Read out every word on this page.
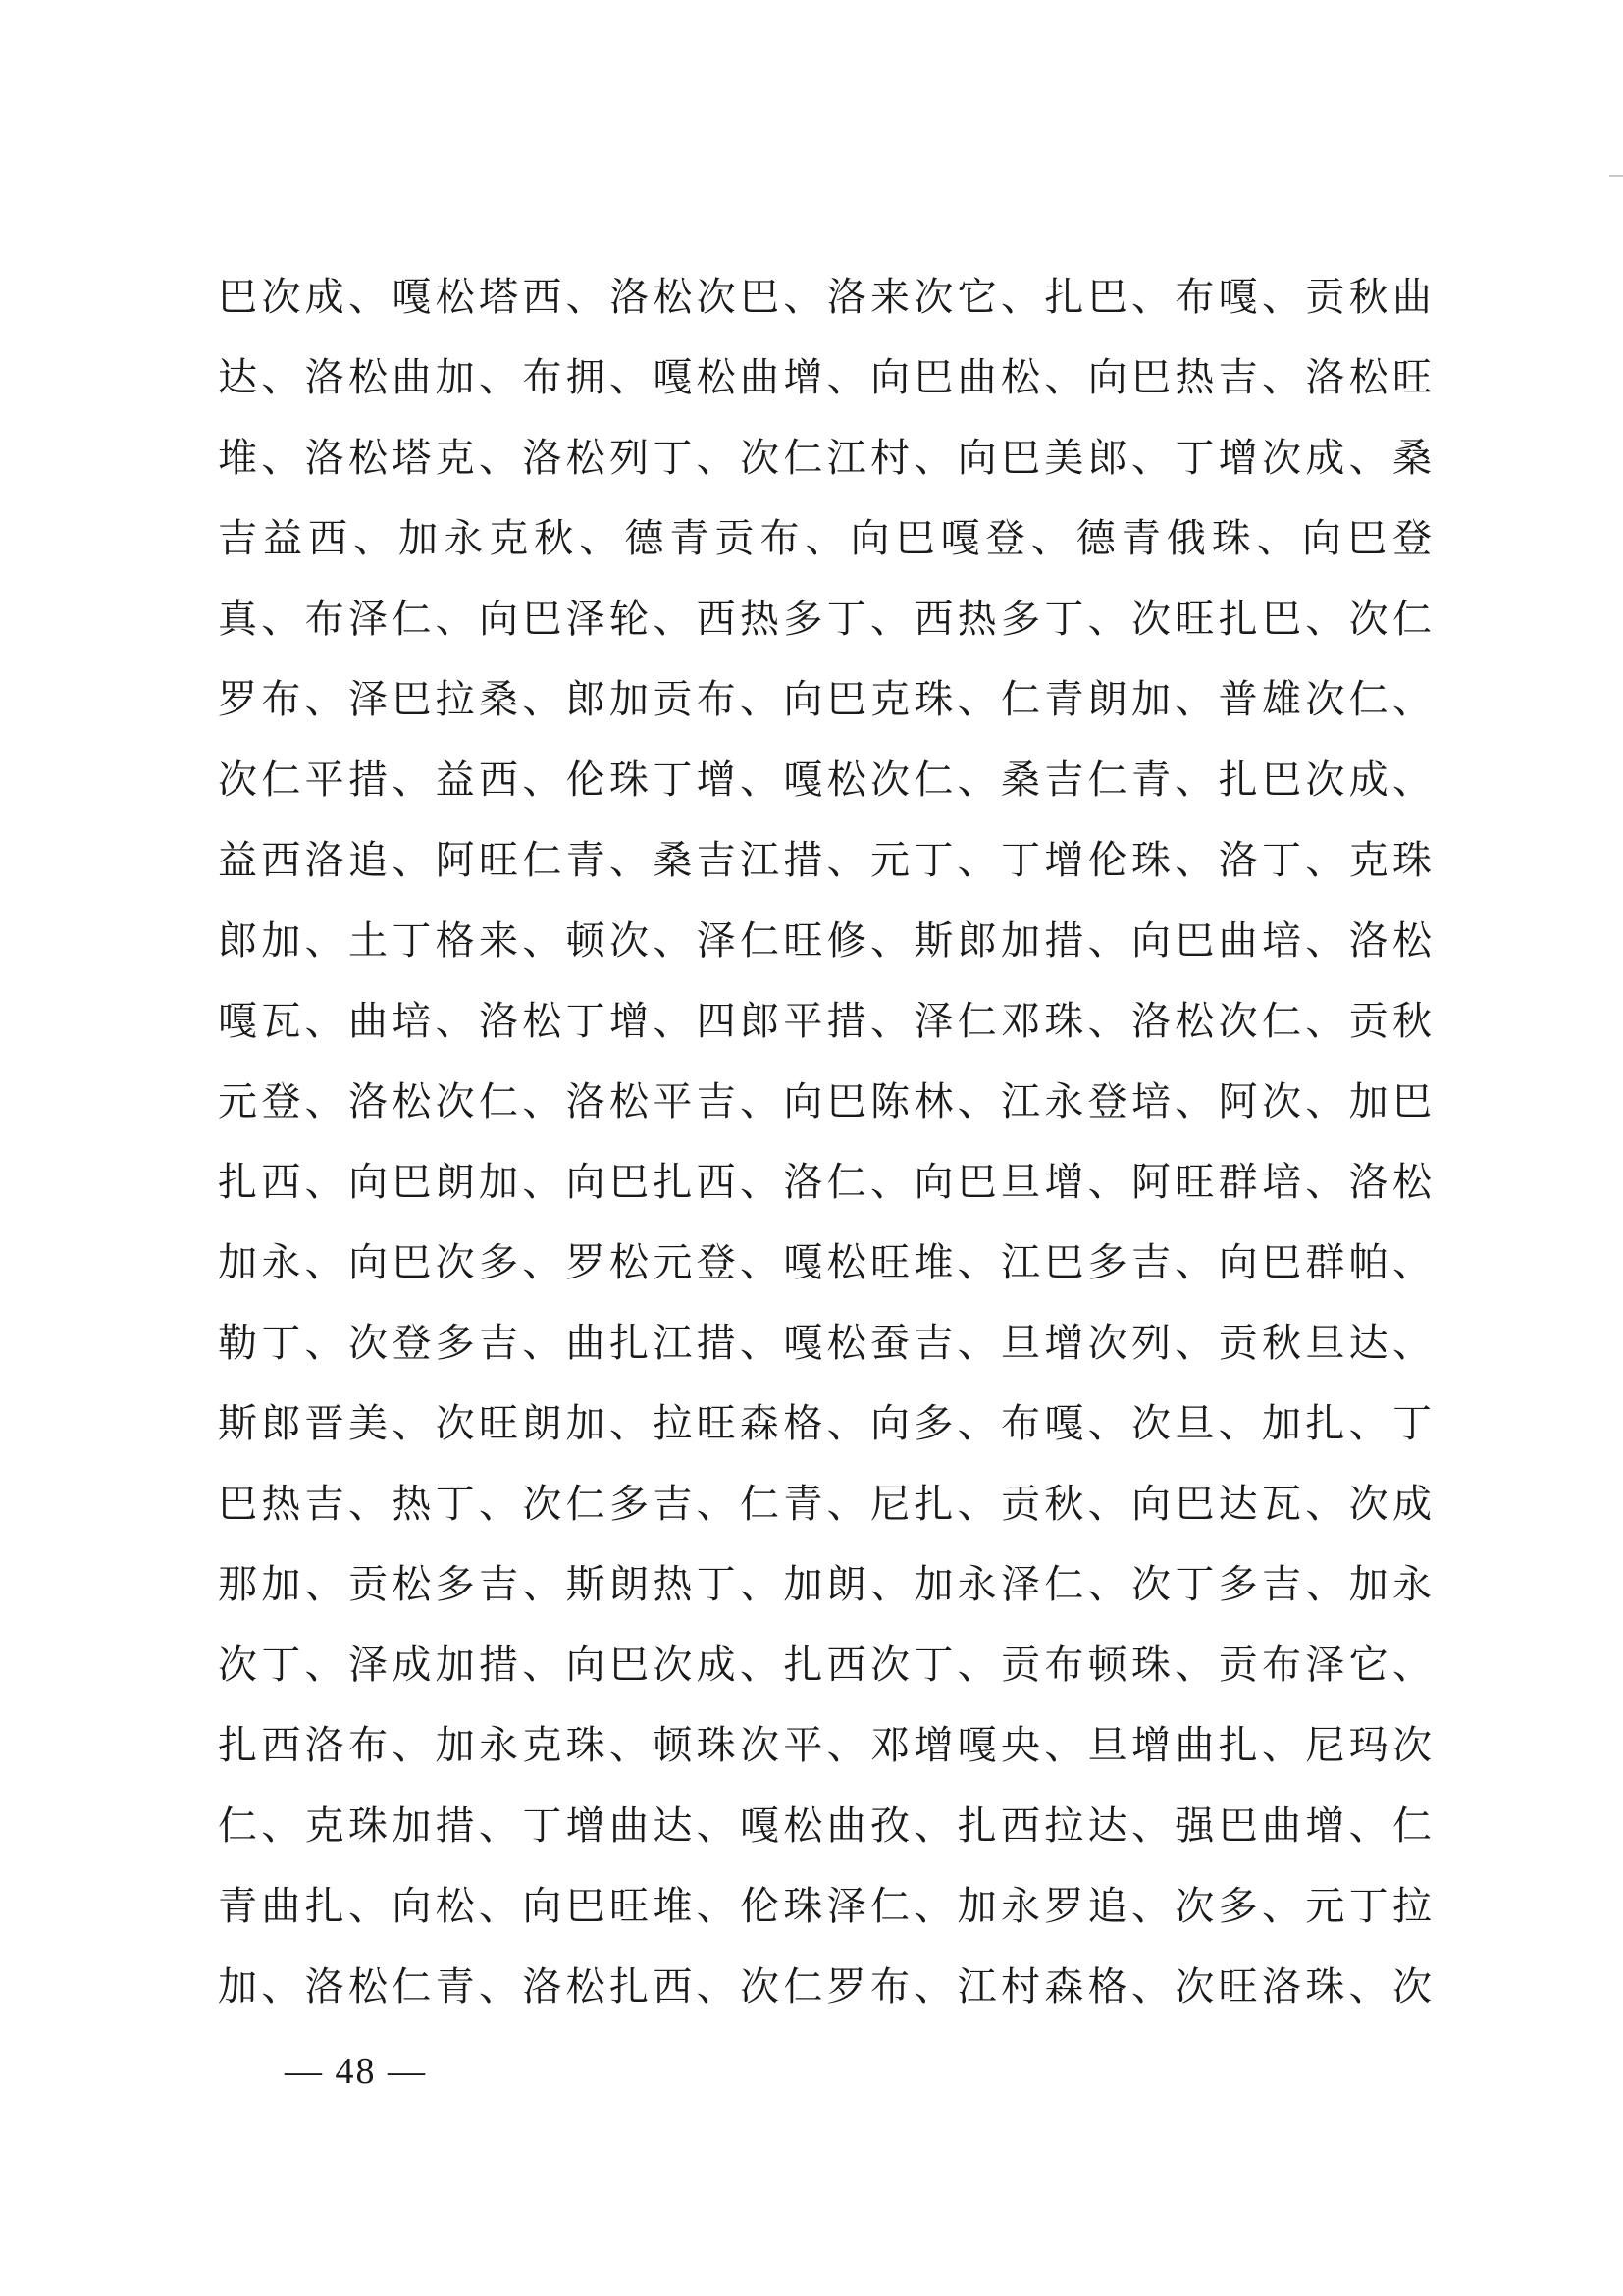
巴次成、嘎松塔西、洛松次巴、洛来次它、扎巴、布嘎、贡秋曲
达、洛松曲加、布拥、嘎松曲增、向巴曲松、向巴热吉、洛松旺
堆、洛松塔克、洛松列丁、次仁江村、向巴美郎、丁增次成、桑
吉益西、加永克秋、德青贡布、向巴嘎登、德青俄珠、向巴登
真、布泽仁、向巴泽轮、西热多丁、西热多丁、次旺扎巴、次仁
罗布、泽巴拉桑、郎加贡布、向巴克珠、仁青朗加、普雄次仁、
次仁平措、益西、伦珠丁增、嘎松次仁、桑吉仁青、扎巴次成、
益西洛追、阿旺仁青、桑吉江措、元丁、丁增伦珠、洛丁、克珠
郎加、土丁格来、顿次、泽仁旺修、斯郎加措、向巴曲培、洛松
嘎瓦、曲培、洛松丁增、四郎平措、泽仁邓珠、洛松次仁、贡秋
元登、洛松次仁、洛松平吉、向巴陈林、江永登培、阿次、加巴
扎西、向巴朗加、向巴扎西、洛仁、向巴旦增、阿旺群培、洛松
加永、向巴次多、罗松元登、嘎松旺堆、江巴多吉、向巴群帕、
勒丁、次登多吉、曲扎江措、嘎松蚕吉、旦增次列、贡秋旦达、
斯郎晋美、次旺朗加、拉旺森格、向多、布嘎、次旦、加扎、丁
巴热吉、热丁、次仁多吉、仁青、尼扎、贡秋、向巴达瓦、次成
那加、贡松多吉、斯朗热丁、加朗、加永泽仁、次丁多吉、加永
次丁、泽成加措、向巴次成、扎西次丁、贡布顿珠、贡布泽它、
扎西洛布、加永克珠、顿珠次平、邓增嘎央、旦增曲扎、尼玛次
仁、克珠加措、丁增曲达、嘎松曲孜、扎西拉达、强巴曲增、仁
青曲扎、向松、向巴旺堆、伦珠泽仁、加永罗追、次多、元丁拉
加、洛松仁青、洛松扎西、次仁罗布、江村森格、次旺洛珠、次
— 48 —
